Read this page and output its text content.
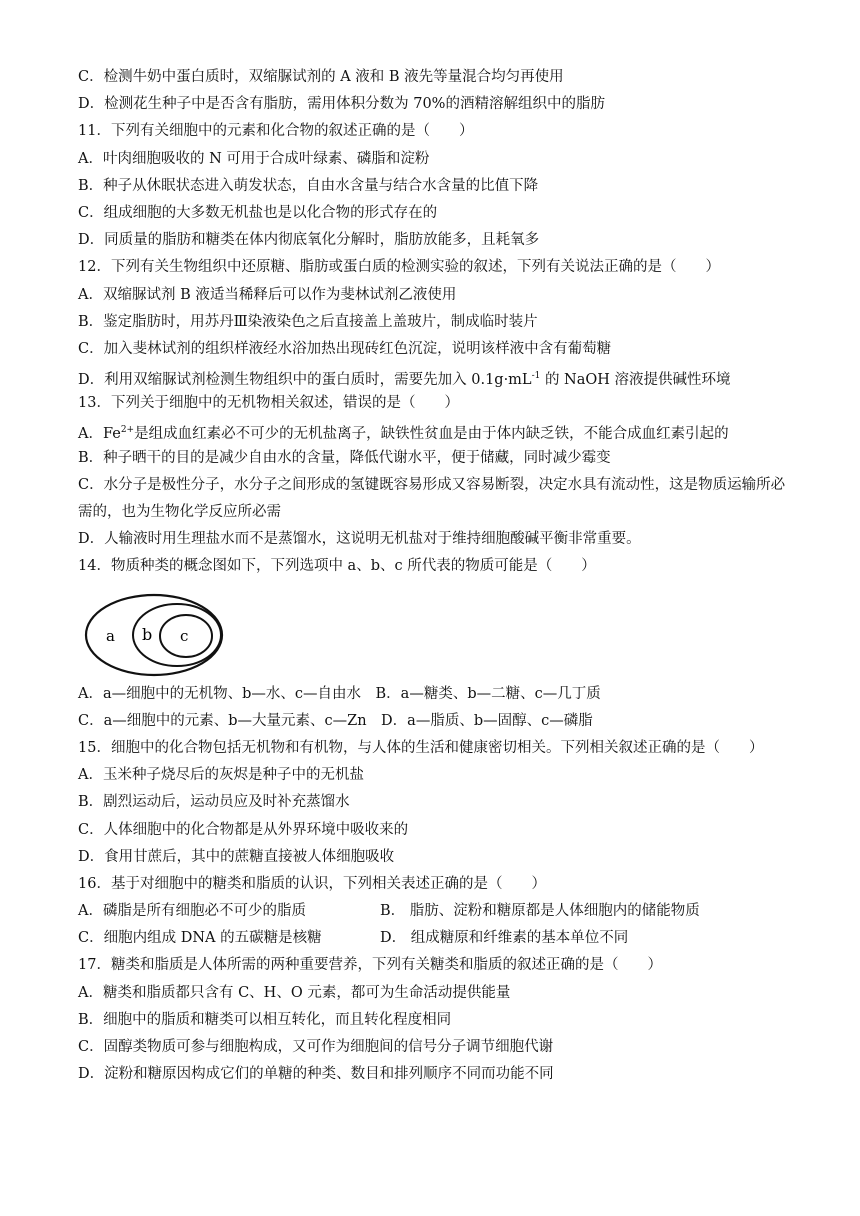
C．检测牛奶中蛋白质时，双缩脲试剂的 A 液和 B 液先等量混合均匀再使用
D．检测花生种子中是否含有脂肪，需用体积分数为 70%的酒精溶解组织中的脂肪
11．下列有关细胞中的元素和化合物的叙述正确的是（　　）
A．叶肉细胞吸收的 N 可用于合成叶绿素、磷脂和淀粉
B．种子从休眠状态进入萌发状态，自由水含量与结合水含量的比值下降
C．组成细胞的大多数无机盐也是以化合物的形式存在的
D．同质量的脂肪和糖类在体内彻底氧化分解时，脂肪放能多，且耗氧多
12．下列有关生物组织中还原糖、脂肪或蛋白质的检测实验的叙述，下列有关说法正确的是（　　）
A．双缩脲试剂 B 液适当稀释后可以作为斐林试剂乙液使用
B．鉴定脂肪时，用苏丹Ⅲ染液染色之后直接盖上盖玻片，制成临时装片
C．加入斐林试剂的组织样液经水浴加热出现砖红色沉淀，说明该样液中含有葡萄糖
D．利用双缩脲试剂检测生物组织中的蛋白质时，需要先加入 $0.1g\cdot mL^{-1}$ 的 NaOH 溶液提供碱性环境
13．下列关于细胞中的无机物相关叙述，错误的是（　　）
A．$Fe^{2+}$是组成血红素必不可少的无机盐离子，缺铁性贫血是由于体内缺乏铁，不能合成血红素引起的
B．种子晒干的目的是减少自由水的含量，降低代谢水平，便于储藏，同时减少霉变
C．水分子是极性分子，水分子之间形成的氢键既容易形成又容易断裂，决定水具有流动性，这是物质运输所必需的，也为生物化学反应所必需
D．人输液时用生理盐水而不是蒸馏水，这说明无机盐对于维持细胞酸碱平衡非常重要。
14．物质种类的概念图如下，下列选项中 a、b、c 所代表的物质可能是（　　）
a b c
A．a—细胞中的无机物、b—水、c—自由水　B．a—糖类、b—二糖、c—几丁质
C．a—细胞中的元素、b—大量元素、c—Zn　D．a—脂质、b—固醇、c—磷脂
15．细胞中的化合物包括无机物和有机物，与人体的生活和健康密切相关。下列相关叙述正确的是（　　）
A．玉米种子烧尽后的灰烬是种子中的无机盐
B．剧烈运动后，运动员应及时补充蒸馏水
C．人体细胞中的化合物都是从外界环境中吸收来的
D．食用甘蔗后，其中的蔗糖直接被人体细胞吸收
16．基于对细胞中的糖类和脂质的认识，下列相关表述正确的是（　　）
A．磷脂是所有细胞必不可少的脂质	B． 脂肪、淀粉和糖原都是人体细胞内的储能物质
C．细胞内组成 DNA 的五碳糖是核糖	D． 组成糖原和纤维素的基本单位不同
17．糖类和脂质是人体所需的两种重要营养，下列有关糖类和脂质的叙述正确的是（　　）
A．糖类和脂质都只含有 C、H、O 元素，都可为生命活动提供能量
B．细胞中的脂质和糖类可以相互转化，而且转化程度相同
C．固醇类物质可参与细胞构成，又可作为细胞间的信号分子调节细胞代谢
D．淀粉和糖原因构成它们的单糖的种类、数目和排列顺序不同而功能不同
